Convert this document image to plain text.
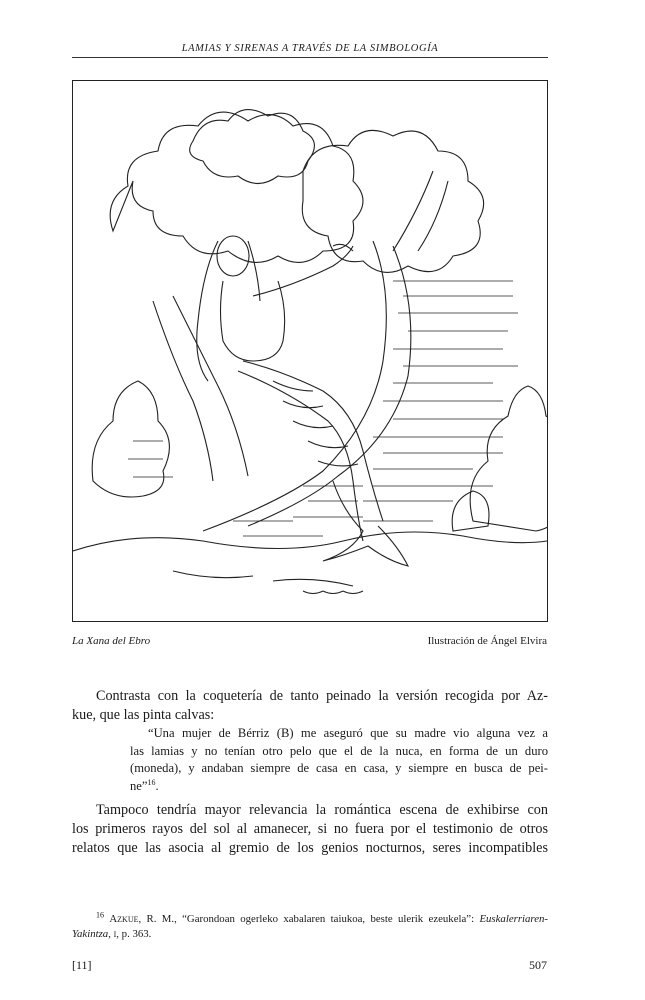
LAMIAS Y SIRENAS A TRAVÉS DE LA SIMBOLOGÍA
La Xana del Ebro	Ilustración de Ángel Elvira
Contrasta con la coquetería de tanto peinado la versión recogida por Az-
kue, que las pinta calvas:
“Una mujer de Bérriz (B) me aseguró que su madre vio alguna vez a
las lamias y no tenían otro pelo que el de la nuca, en forma de un duro
(moneda), y andaban siempre de casa en casa, y siempre en busca de pei-
ne”$^{16}$.
Tampoco tendría mayor relevancia la romántica escena de exhibirse con
los primeros rayos del sol al amanecer, si no fuera por el testimonio de otros
relatos que las asocia al gremio de los genios nocturnos, seres incompatibles
$^{16}$ Azkue, R. M., “Garondoan ogerleko xabalaren taiukoa, beste ulerik ezeukela”: Euskalerriaren-
Yakintza, i, p. 363.
[11]	507
